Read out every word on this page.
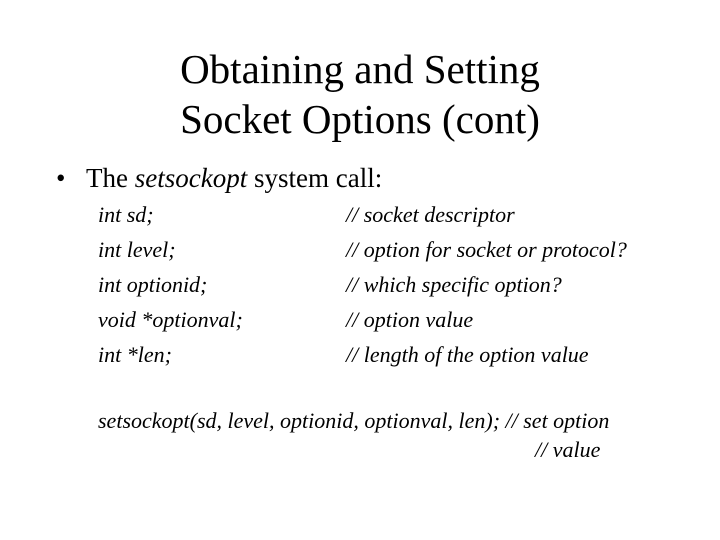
Obtaining and Setting
Socket Options (cont)
• The setsockopt system call:
int sd;	// socket descriptor
int level;	// option for socket or protocol?
int optionid;	// which specific option?
void *optionval;	// option value
int *len;	// length of the option value
setsockopt(sd, level, optionid, optionval, len); // set option
// value
